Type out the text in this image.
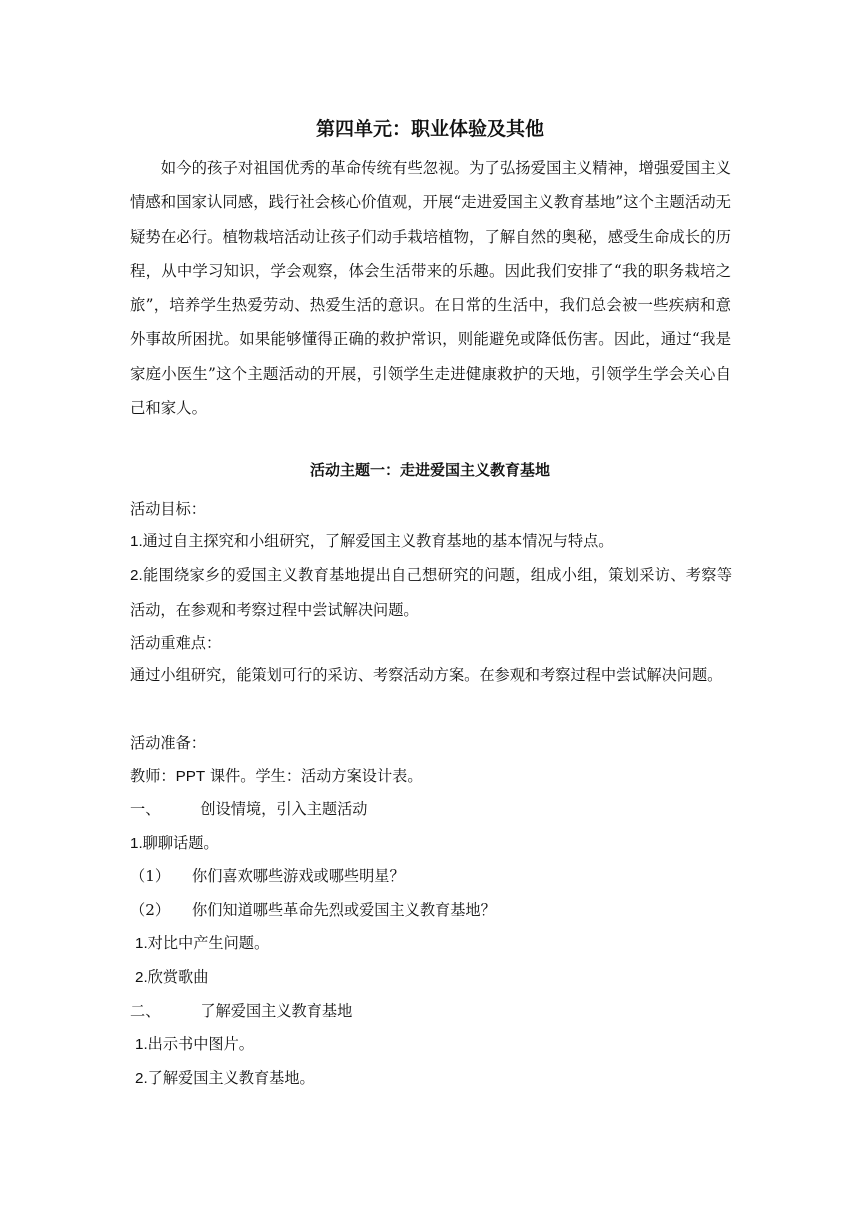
第四单元：职业体验及其他

如今的孩子对祖国优秀的革命传统有些忽视。为了弘扬爱国主义精神，增强爱国主义情感和国家认同感，践行社会核心价值观，开展“走进爱国主义教育基地”这个主题活动无疑势在必行。植物栽培活动让孩子们动手栽培植物，了解自然的奥秘，感受生命成长的历程，从中学习知识，学会观察，体会生活带来的乐趣。因此我们安排了“我的职务栽培之旅”，培养学生热爱劳动、热爱生活的意识。在日常的生活中，我们总会被一些疾病和意外事故所困扰。如果能够懂得正确的救护常识，则能避免或降低伤害。因此，通过“我是家庭小医生”这个主题活动的开展，引领学生走进健康救护的天地，引领学生学会关心自己和家人。

活动主题一：走进爱国主义教育基地
活动目标：
1.通过自主探究和小组研究，了解爱国主义教育基地的基本情况与特点。
2.能围绕家乡的爱国主义教育基地提出自己想研究的问题，组成小组，策划采访、考察等活动，在参观和考察过程中尝试解决问题。
活动重难点：
通过小组研究，能策划可行的采访、考察活动方案。在参观和考察过程中尝试解决问题。
活动准备：
教师：PPT 课件。学生：活动方案设计表。
一、	创设情境，引入主题活动
1.聊聊话题。
（1） 你们喜欢哪些游戏或哪些明星？
（2） 你们知道哪些革命先烈或爱国主义教育基地？
1.对比中产生问题。
2.欣赏歌曲
二、	了解爱国主义教育基地
1.出示书中图片。
2.了解爱国主义教育基地。
